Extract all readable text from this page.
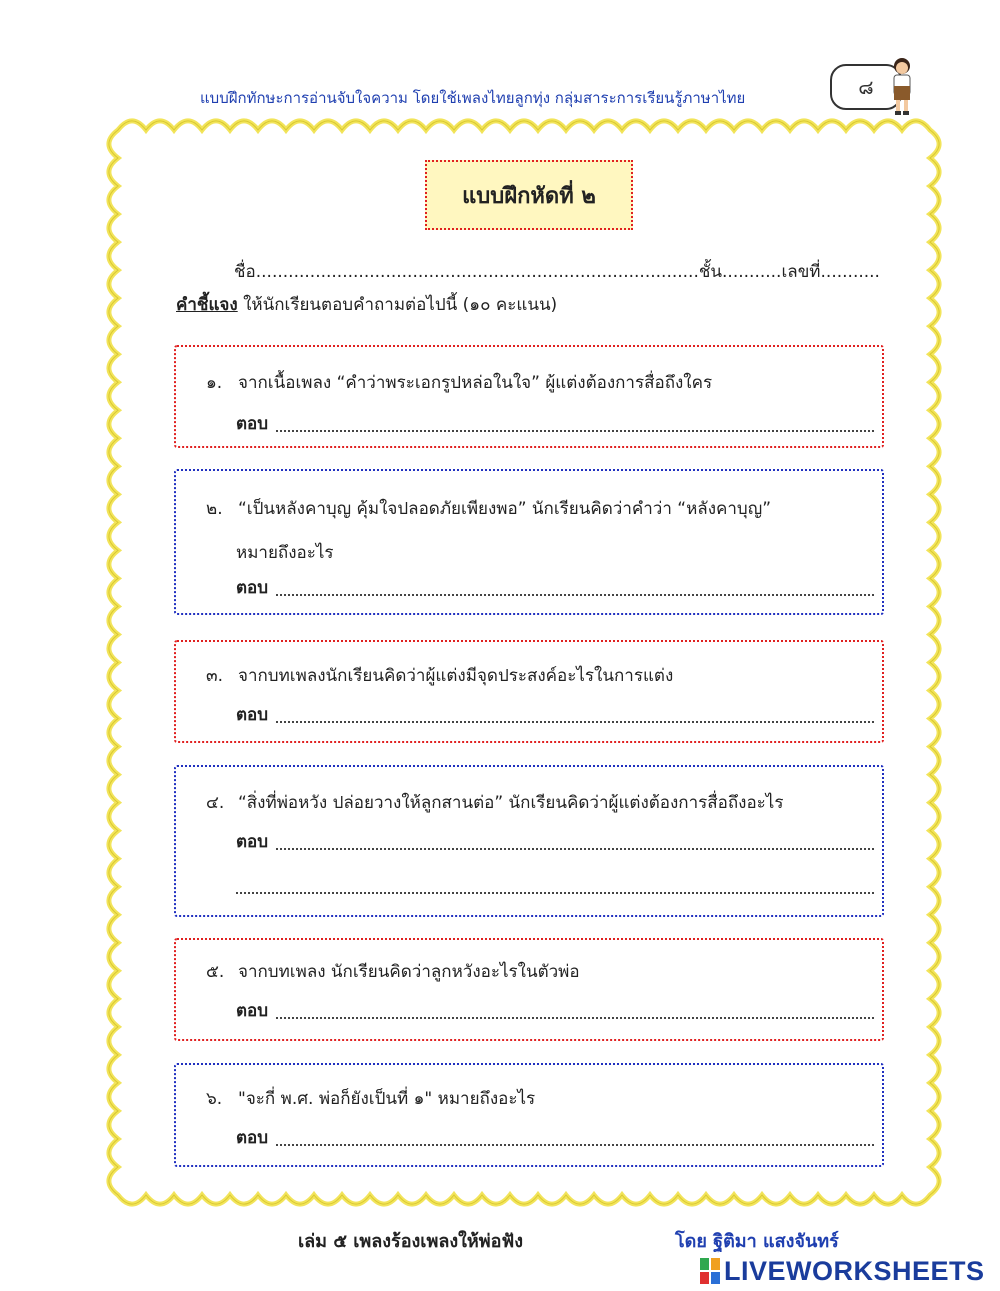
แบบฝึกทักษะการอ่านจับใจความ โดยใช้เพลงไทยลูกทุ่ง กลุ่มสาระการเรียนรู้ภาษาไทย	๘
แบบฝึกหัดที่ ๒
ชื่อ..................................................................................ชั้น...........เลขที่...........
คำชี้แจง ให้นักเรียนตอบคำถามต่อไปนี้ (๑๐ คะแนน)
๑. จากเนื้อเพลง “คำว่าพระเอกรูปหล่อในใจ” ผู้แต่งต้องการสื่อถึงใคร
ตอบ
๒. “เป็นหลังคาบุญ คุ้มใจปลอดภัยเพียงพอ” นักเรียนคิดว่าคำว่า “หลังคาบุญ”
หมายถึงอะไร
ตอบ
๓. จากบทเพลงนักเรียนคิดว่าผู้แต่งมีจุดประสงค์อะไรในการแต่ง
ตอบ
๔. “สิ่งที่พ่อหวัง ปล่อยวางให้ลูกสานต่อ” นักเรียนคิดว่าผู้แต่งต้องการสื่อถึงอะไร
ตอบ
๕. จากบทเพลง นักเรียนคิดว่าลูกหวังอะไรในตัวพ่อ
ตอบ
๖. "จะกี่ พ.ศ. พ่อก็ยังเป็นที่ ๑" หมายถึงอะไร
ตอบ
เล่ม ๕ เพลงร้องเพลงให้พ่อฟัง	โดย ฐิติมา แสงจันทร์
LIVEWORKSHEETS
